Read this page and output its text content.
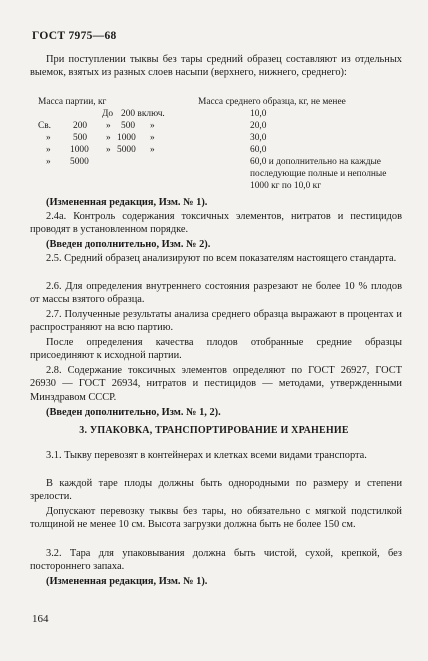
ГОСТ 7975—68

При поступлении тыквы без тары средний образец составляют из отдельных выемок, взятых из разных слоев насыпи (верхнего, нижнего, среднего):

Масса партии, кг	Масса среднего образца, кг, не менее
До 200 включ.	10,0
Св. 200 » 500 »	20,0
» 500 » 1000 »	30,0
» 1000 » 5000 »	60,0
» 5000	60,0 и дополнительно на каждые
последующие полные и неполные
1000 кг по 10,0 кг

(Измененная редакция, Изм. № 1).

2.4а. Контроль содержания токсичных элементов, нитратов и пестицидов проводят в установленном порядке.

(Введен дополнительно, Изм. № 2).

2.5. Средний образец анализируют по всем показателям настоящего стандарта.

2.6. Для определения внутреннего состояния разрезают не более 10 % плодов от массы взятого образца.

2.7. Полученные результаты анализа среднего образца выражают в процентах и распространяют на всю партию.

После определения качества плодов отобранные средние образцы присоединяют к исходной партии.

2.8. Содержание токсичных элементов определяют по ГОСТ 26927, ГОСТ 26930 — ГОСТ 26934, нитратов и пестицидов — методами, утвержденными Минздравом СССР.

(Введен дополнительно, Изм. № 1, 2).

3. УПАКОВКА, ТРАНСПОРТИРОВАНИЕ И ХРАНЕНИЕ

3.1. Тыкву перевозят в контейнерах и клетках всеми видами транспорта.

В каждой таре плоды должны быть однородными по размеру и степени зрелости.

Допускают перевозку тыквы без тары, но обязательно с мягкой подстилкой толщиной не менее 10 см. Высота загрузки должна быть не более 150 см.

3.2. Тара для упаковывания должна быть чистой, сухой, крепкой, без постороннего запаха.

(Измененная редакция, Изм. № 1).

164
